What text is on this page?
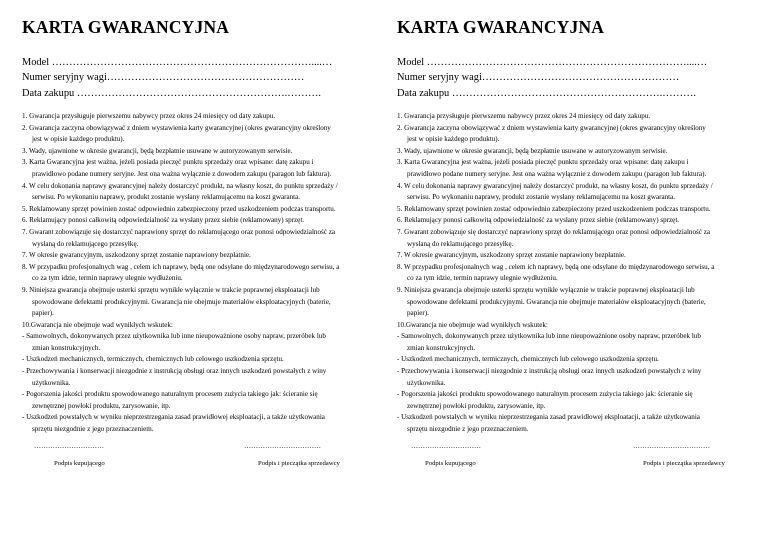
KARTA GWARANCYJNA
Model …………………………………………………………………....…
Numer seryjny wagi…………………………………………………
Data zakupu …………………………………………………….……….
1. Gwarancja przysługuje pierwszemu nabywcy przez okres 24 miesięcy od daty zakupu.
2. Gwarancja zaczyna obowiązywać z dniem wystawienia karty gwarancyjnej (okres gwarancyjny określony
jest w opisie każdego produktu).
3. Wady, ujawnione w okresie gwarancji, będą bezpłatnie usuwane w autoryzowanym serwisie.
3. Karta Gwarancyjna jest ważna, jeżeli posiada pieczęć punktu sprzedaży oraz wpisane: datę zakupu i
prawidłowo podane numery seryjne. Jest ona ważna wyłącznie z dowodem zakupu (paragon lub faktura).
4. W celu dokonania naprawy gwarancyjnej należy dostarczyć produkt, na własny koszt, do punktu sprzedaży /
serwisu. Po wykonaniu naprawy, produkt zostanie wysłany reklamującemu na koszt gwaranta.
5. Reklamowany sprzęt powinien zostać odpowiednio zabezpieczony przed uszkodzeniem podczas transportu.
6. Reklamujący ponosi całkowitą odpowiedzialność za wysłany przez siebie (reklamowany) sprzęt.
7. Gwarant zobowiązuje się dostarczyć naprawiony sprzęt do reklamującego oraz ponosi odpowiedzialność za
wysłaną do reklamującego przesyłkę.
7. W okresie gwarancyjnym, uszkodzony sprzęt zostanie naprawiony bezpłatnie.
8. W przypadku profesjonalnych wag , celem ich naprawy, będą one odsyłane do międzynarodowego serwisu, a
co za tym idzie, termin naprawy ulegnie wydłużeniu.
9. Niniejsza gwarancja obejmuje usterki sprzętu wynikłe wyłącznie w trakcie poprawnej eksploatacji lub
spowodowane defektami produkcyjnymi. Gwarancja nie obejmuje materiałów eksploatacyjnych (baterie,
papier).
10.Gwarancja nie obejmuje wad wynikłych wskutek:
- Samowolnych, dokonywanych przez użytkownika lub inne nieupoważnione osoby napraw, przeróbek lub
zmian konstrukcyjnych.
- Uszkodzeń mechanicznych, termicznych, chemicznych lub celowego uszkodzenia sprzętu.
- Przechowywania i konserwacji niezgodnie z instrukcją obsługi oraz innych uszkodzeń powstałych z winy
użytkownika.
- Pogorszenia jakości produktu spowodowanego naturalnym procesem zużycia takiego jak: ścieranie się
zewnętrznej powłoki produktu, zarysowanie, itp.
- Uszkodzeń powstałych w wyniku nieprzestrzegania zasad prawidłowej eksploatacji, a także użytkowania
sprzętu niezgodnie z jego przeznaczeniem.
…………………………
Podpis kupującego
……………………………
Podpis i pieczątka sprzedawcy
KARTA GWARANCYJNA
Model …………………………………………………………………....…
Numer seryjny wagi…………………………………………………
Data zakupu …………………………………………………….……….
1. Gwarancja przysługuje pierwszemu nabywcy przez okres 24 miesięcy od daty zakupu.
2. Gwarancja zaczyna obowiązywać z dniem wystawienia karty gwarancyjnej (okres gwarancyjny określony
jest w opisie każdego produktu).
3. Wady, ujawnione w okresie gwarancji, będą bezpłatnie usuwane w autoryzowanym serwisie.
3. Karta Gwarancyjna jest ważna, jeżeli posiada pieczęć punktu sprzedaży oraz wpisane: datę zakupu i
prawidłowo podane numery seryjne. Jest ona ważna wyłącznie z dowodem zakupu (paragon lub faktura).
4. W celu dokonania naprawy gwarancyjnej należy dostarczyć produkt, na własny koszt, do punktu sprzedaży /
serwisu. Po wykonaniu naprawy, produkt zostanie wysłany reklamującemu na koszt gwaranta.
5. Reklamowany sprzęt powinien zostać odpowiednio zabezpieczony przed uszkodzeniem podczas transportu.
6. Reklamujący ponosi całkowitą odpowiedzialność za wysłany przez siebie (reklamowany) sprzęt.
7. Gwarant zobowiązuje się dostarczyć naprawiony sprzęt do reklamującego oraz ponosi odpowiedzialność za
wysłaną do reklamującego przesyłkę.
7. W okresie gwarancyjnym, uszkodzony sprzęt zostanie naprawiony bezpłatnie.
8. W przypadku profesjonalnych wag , celem ich naprawy, będą one odsyłane do międzynarodowego serwisu, a
co za tym idzie, termin naprawy ulegnie wydłużeniu.
9. Niniejsza gwarancja obejmuje usterki sprzętu wynikłe wyłącznie w trakcie poprawnej eksploatacji lub
spowodowane defektami produkcyjnymi. Gwarancja nie obejmuje materiałów eksploatacyjnych (baterie,
papier).
10.Gwarancja nie obejmuje wad wynikłych wskutek:
- Samowolnych, dokonywanych przez użytkownika lub inne nieupoważnione osoby napraw, przeróbek lub
zmian konstrukcyjnych.
- Uszkodzeń mechanicznych, termicznych, chemicznych lub celowego uszkodzenia sprzętu.
- Przechowywania i konserwacji niezgodnie z instrukcją obsługi oraz innych uszkodzeń powstałych z winy
użytkownika.
- Pogorszenia jakości produktu spowodowanego naturalnym procesem zużycia takiego jak: ścieranie się
zewnętrznej powłoki produktu, zarysowanie, itp.
- Uszkodzeń powstałych w wyniku nieprzestrzegania zasad prawidłowej eksploatacji, a także użytkowania
sprzętu niezgodnie z jego przeznaczeniem.
…………………………
Podpis kupującego
……………………………
Podpis i pieczątka sprzedawcy
